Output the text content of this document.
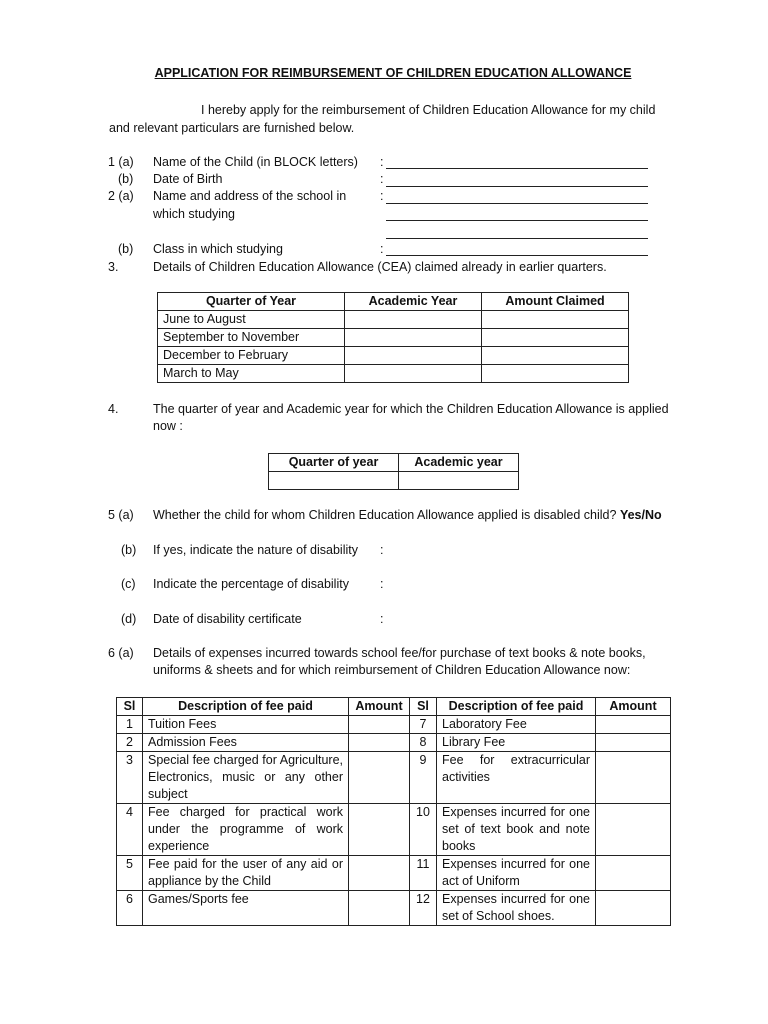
APPLICATION FOR REIMBURSEMENT OF CHILDREN EDUCATION ALLOWANCE
I hereby apply for the reimbursement of Children Education Allowance for my child
and relevant particulars are furnished below.
1 (a) Name of the Child (in BLOCK letters) :
(b) Date of Birth	:
2 (a) Name and address of the school in
which studying
:
(b) Class in which studying	:
3.	Details of Children Education Allowance (CEA) claimed already in earlier quarters.
Quarter of Year	Academic Year	Amount Claimed
June to August		
September to November		
December to February		
March to May		
4.	The quarter of year and Academic year for which the Children Education Allowance is applied
now :
Quarter of year	Academic year

5 (a) Whether the child for whom Children Education Allowance applied is disabled child? Yes/No
(b) If yes, indicate the nature of disability :
(c) Indicate the percentage of disability :
(d) Date of disability certificate	:
6 (a) Details of expenses incurred towards school fee/for purchase of text books & note books,
uniforms & sheets and for which reimbursement of Children Education Allowance now:
Sl	Description of fee paid	Amount	Sl	Description of fee paid	Amount
1	Tuition Fees		7	Laboratory Fee	
2	Admission Fees		8	Library Fee	
3	Special fee charged for Agriculture, Electronics, music or any other subject		9	Fee for extracurricular activities	
4	Fee charged for practical work under the programme of work experience		10	Expenses incurred for one set of text book and note books	
5	Fee paid for the user of any aid or appliance by the Child		11	Expenses incurred for one act of Uniform	
6	Games/Sports fee		12	Expenses incurred for one set of School shoes.	
